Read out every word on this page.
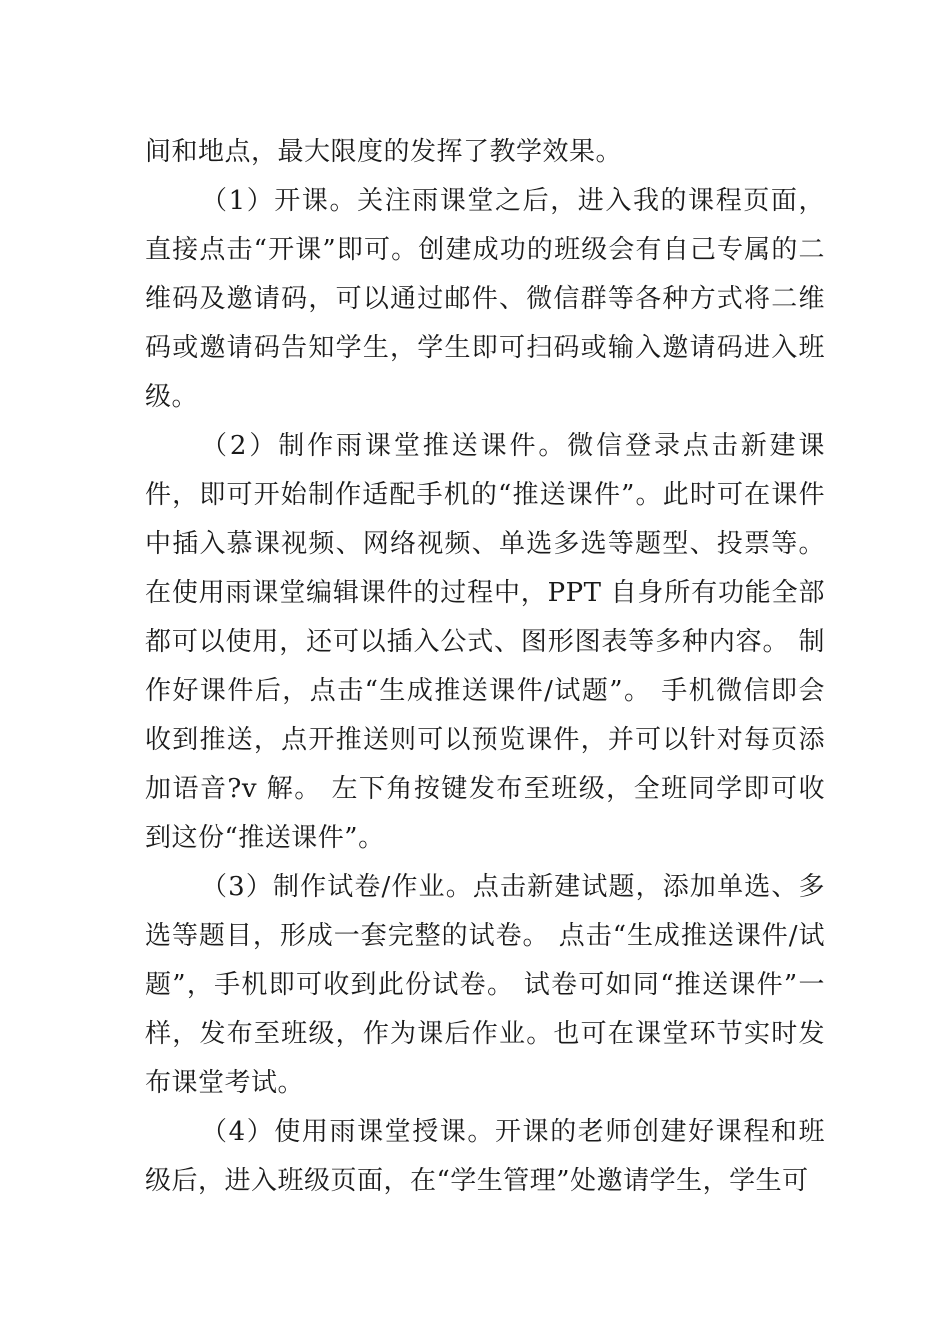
间和地点，最大限度的发挥了教学效果。

（1）开课。关注雨课堂之后，进入我的课程页面，直接点击“开课”即可。创建成功的班级会有自己专属的二维码及邀请码，可以通过邮件、微信群等各种方式将二维码或邀请码告知学生，学生即可扫码或输入邀请码进入班级。

（2）制作雨课堂推送课件。微信登录点击新建课件，即可开始制作适配手机的“推送课件”。此时可在课件中插入慕课视频、网络视频、单选多选等题型、投票等。在使用雨课堂编辑课件的过程中，PPT 自身所有功能全部都可以使用，还可以插入公式、图形图表等多种内容。 制作好课件后，点击“生成推送课件/试题”。 手机微信即会收到推送，点开推送则可以预览课件，并可以针对每页添加语音?v 解。 左下角按键发布至班级，全班同学即可收到这份“推送课件”。

（3）制作试卷/作业。点击新建试题，添加单选、多选等题目，形成一套完整的试卷。 点击“生成推送课件/试题”，手机即可收到此份试卷。 试卷可如同“推送课件”一样，发布至班级，作为课后作业。也可在课堂环节实时发布课堂考试。

（4）使用雨课堂授课。开课的老师创建好课程和班级后，进入班级页面，在“学生管理”处邀请学生，学生可
